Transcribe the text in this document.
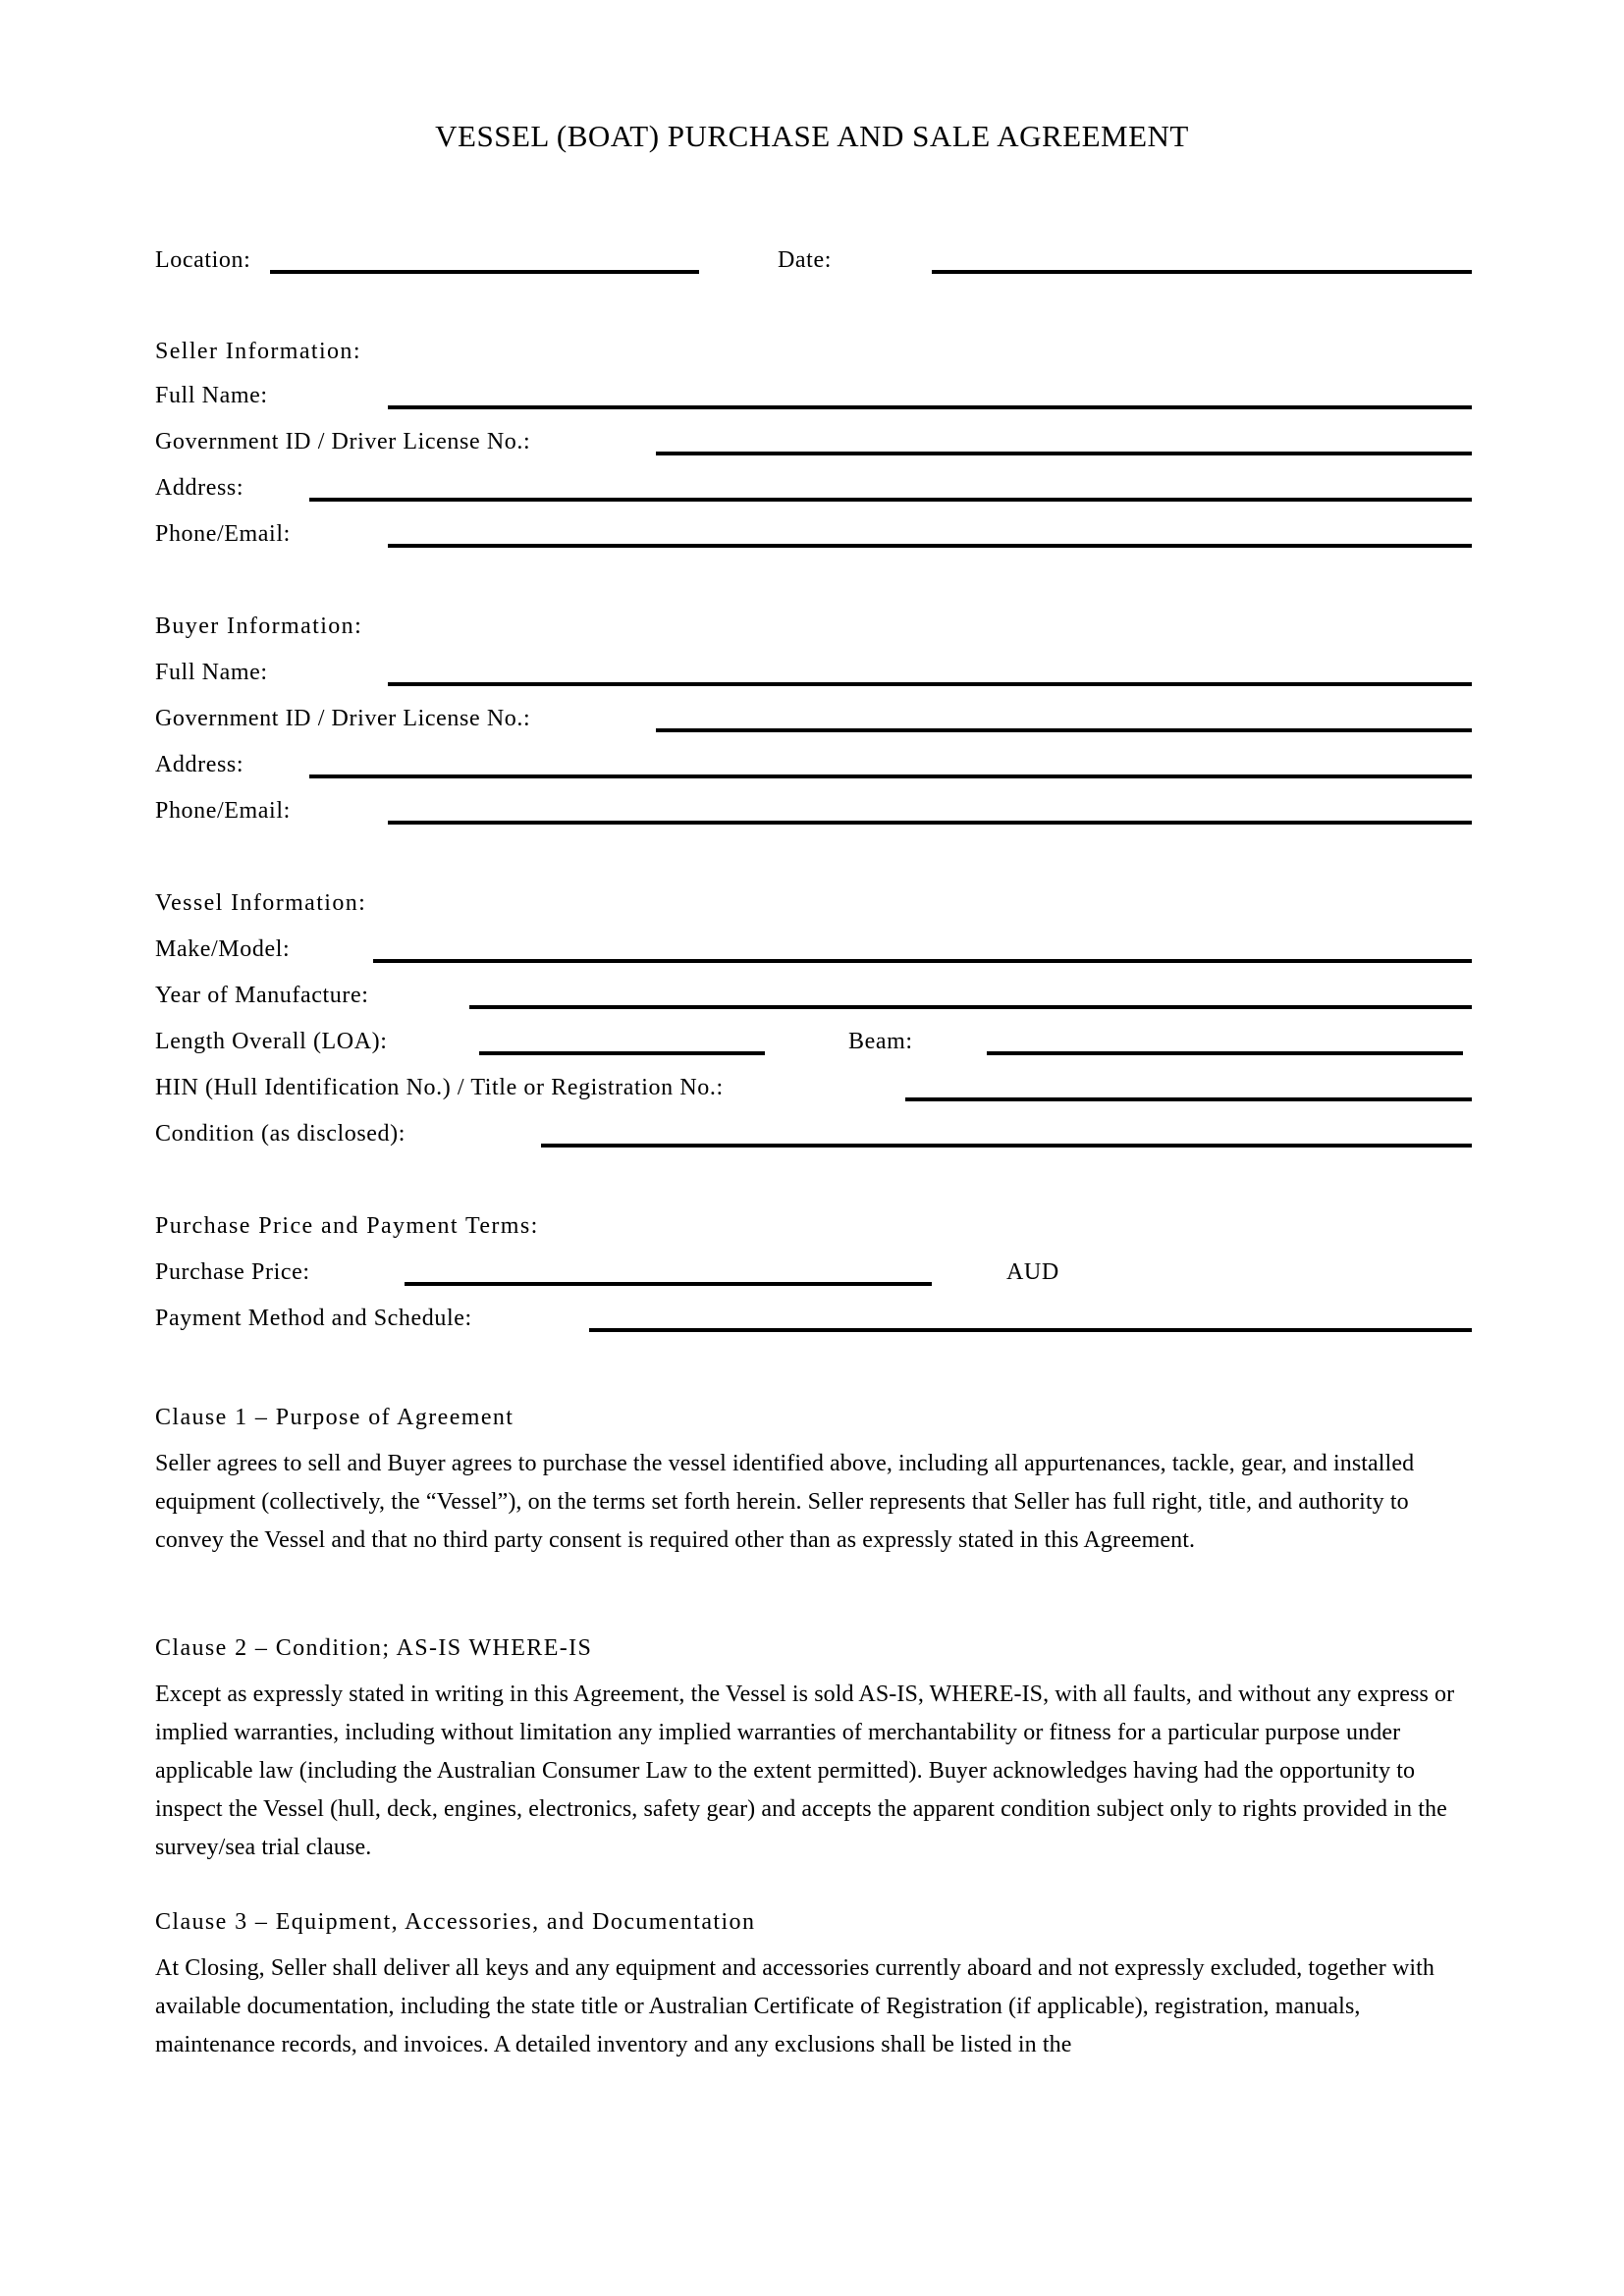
VESSEL (BOAT) PURCHASE AND SALE AGREEMENT
Location:	Date:
Seller Information:
Full Name:
Government ID / Driver License No.:
Address:
Phone/Email:
Buyer Information:
Full Name:
Government ID / Driver License No.:
Address:
Phone/Email:
Vessel Information:
Make/Model:
Year of Manufacture:
Length Overall (LOA):	Beam:
HIN (Hull Identification No.) / Title or Registration No.:
Condition (as disclosed):
Purchase Price and Payment Terms:
Purchase Price:	AUD
Payment Method and Schedule:
Clause 1 – Purpose of Agreement
Seller agrees to sell and Buyer agrees to purchase the vessel identified above, including all appurtenances, tackle, gear, and installed equipment (collectively, the “Vessel”), on the terms set forth herein. Seller represents that Seller has full right, title, and authority to convey the Vessel and that no third party consent is required other than as expressly stated in this Agreement.
Clause 2 – Condition; AS-IS WHERE-IS
Except as expressly stated in writing in this Agreement, the Vessel is sold AS-IS, WHERE-IS, with all faults, and without any express or implied warranties, including without limitation any implied warranties of merchantability or fitness for a particular purpose under applicable law (including the Australian Consumer Law to the extent permitted). Buyer acknowledges having had the opportunity to inspect the Vessel (hull, deck, engines, electronics, safety gear) and accepts the apparent condition subject only to rights provided in the survey/sea trial clause.
Clause 3 – Equipment, Accessories, and Documentation
At Closing, Seller shall deliver all keys and any equipment and accessories currently aboard and not expressly excluded, together with available documentation, including the state title or Australian Certificate of Registration (if applicable), registration, manuals, maintenance records, and invoices. A detailed inventory and any exclusions shall be listed in the
